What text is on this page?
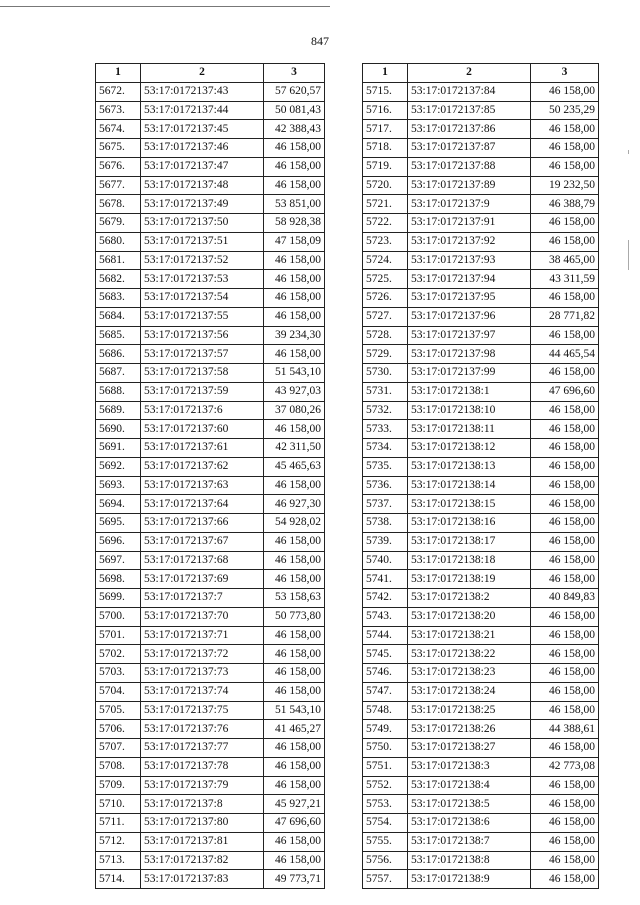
847
1	2	3
5672.	53:17:0172137:43	57 620,57
5673.	53:17:0172137:44	50 081,43
5674.	53:17:0172137:45	42 388,43
5675.	53:17:0172137:46	46 158,00
5676.	53:17:0172137:47	46 158,00
5677.	53:17:0172137:48	46 158,00
5678.	53:17:0172137:49	53 851,00
5679.	53:17:0172137:50	58 928,38
5680.	53:17:0172137:51	47 158,09
5681.	53:17:0172137:52	46 158,00
5682.	53:17:0172137:53	46 158,00
5683.	53:17:0172137:54	46 158,00
5684.	53:17:0172137:55	46 158,00
5685.	53:17:0172137:56	39 234,30
5686.	53:17:0172137:57	46 158,00
5687.	53:17:0172137:58	51 543,10
5688.	53:17:0172137:59	43 927,03
5689.	53:17:0172137:6	37 080,26
5690.	53:17:0172137:60	46 158,00
5691.	53:17:0172137:61	42 311,50
5692.	53:17:0172137:62	45 465,63
5693.	53:17:0172137:63	46 158,00
5694.	53:17:0172137:64	46 927,30
5695.	53:17:0172137:66	54 928,02
5696.	53:17:0172137:67	46 158,00
5697.	53:17:0172137:68	46 158,00
5698.	53:17:0172137:69	46 158,00
5699.	53:17:0172137:7	53 158,63
5700.	53:17:0172137:70	50 773,80
5701.	53:17:0172137:71	46 158,00
5702.	53:17:0172137:72	46 158,00
5703.	53:17:0172137:73	46 158,00
5704.	53:17:0172137:74	46 158,00
5705.	53:17:0172137:75	51 543,10
5706.	53:17:0172137:76	41 465,27
5707.	53:17:0172137:77	46 158,00
5708.	53:17:0172137:78	46 158,00
5709.	53:17:0172137:79	46 158,00
5710.	53:17:0172137:8	45 927,21
5711.	53:17:0172137:80	47 696,60
5712.	53:17:0172137:81	46 158,00
5713.	53:17:0172137:82	46 158,00
5714.	53:17:0172137:83	49 773,71
1	2	3
5715.	53:17:0172137:84	46 158,00
5716.	53:17:0172137:85	50 235,29
5717.	53:17:0172137:86	46 158,00
5718.	53:17:0172137:87	46 158,00
5719.	53:17:0172137:88	46 158,00
5720.	53:17:0172137:89	19 232,50
5721.	53:17:0172137:9	46 388,79
5722.	53:17:0172137:91	46 158,00
5723.	53:17:0172137:92	46 158,00
5724.	53:17:0172137:93	38 465,00
5725.	53:17:0172137:94	43 311,59
5726.	53:17:0172137:95	46 158,00
5727.	53:17:0172137:96	28 771,82
5728.	53:17:0172137:97	46 158,00
5729.	53:17:0172137:98	44 465,54
5730.	53:17:0172137:99	46 158,00
5731.	53:17:0172138:1	47 696,60
5732.	53:17:0172138:10	46 158,00
5733.	53:17:0172138:11	46 158,00
5734.	53:17:0172138:12	46 158,00
5735.	53:17:0172138:13	46 158,00
5736.	53:17:0172138:14	46 158,00
5737.	53:17:0172138:15	46 158,00
5738.	53:17:0172138:16	46 158,00
5739.	53:17:0172138:17	46 158,00
5740.	53:17:0172138:18	46 158,00
5741.	53:17:0172138:19	46 158,00
5742.	53:17:0172138:2	40 849,83
5743.	53:17:0172138:20	46 158,00
5744.	53:17:0172138:21	46 158,00
5745.	53:17:0172138:22	46 158,00
5746.	53:17:0172138:23	46 158,00
5747.	53:17:0172138:24	46 158,00
5748.	53:17:0172138:25	46 158,00
5749.	53:17:0172138:26	44 388,61
5750.	53:17:0172138:27	46 158,00
5751.	53:17:0172138:3	42 773,08
5752.	53:17:0172138:4	46 158,00
5753.	53:17:0172138:5	46 158,00
5754.	53:17:0172138:6	46 158,00
5755.	53:17:0172138:7	46 158,00
5756.	53:17:0172138:8	46 158,00
5757.	53:17:0172138:9	46 158,00
